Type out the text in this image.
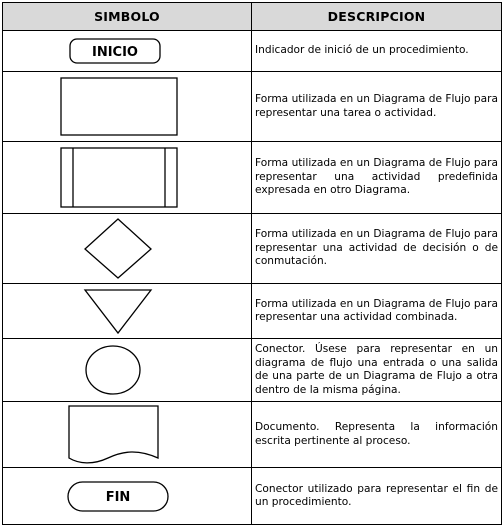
SIMBOLO	DESCRIPCION

INICIO	Indicador de inició de un procedimiento.

	Forma utilizada en un Diagrama de Flujo para representar una tarea o actividad.

	Forma utilizada en un Diagrama de Flujo para representar una actividad predefinida expresada en otro Diagrama.

	Forma utilizada en un Diagrama de Flujo para representar una actividad de decisión o de conmutación.

	Forma utilizada en un Diagrama de Flujo para representar una actividad combinada.

	Conector. Úsese para representar en un diagrama de flujo una entrada o una salida de una parte de un Diagrama de Flujo a otra dentro de la misma página.

	Documento. Representa la información escrita pertinente al proceso.

FIN	Conector utilizado para representar el fin de un procedimiento.
